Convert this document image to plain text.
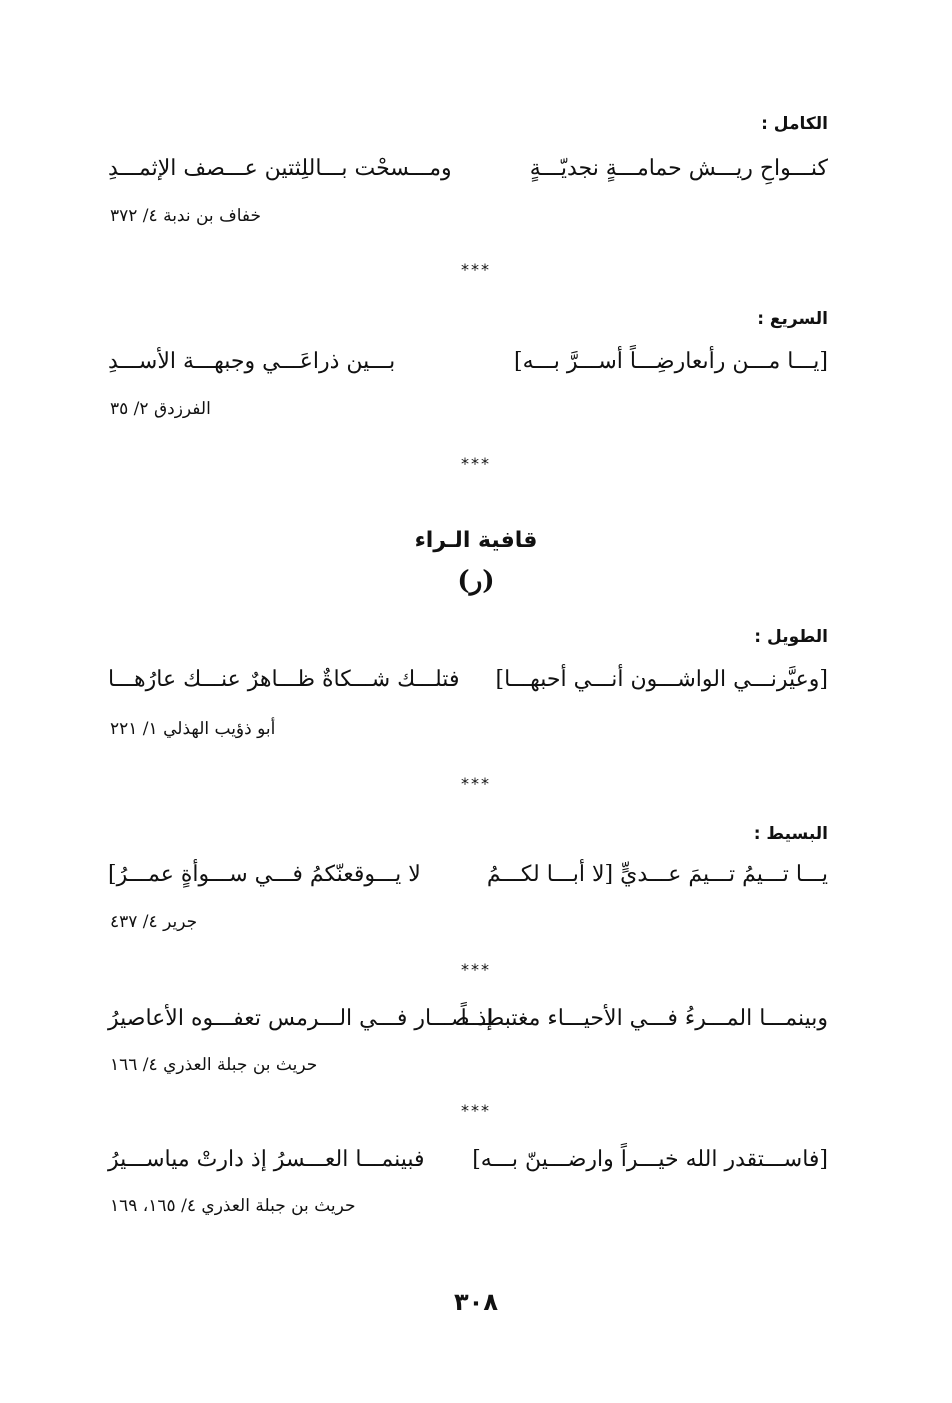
الكامل :
كنـــواحِ ريـــش حمامـــةٍ نجديّـــةٍ
ومـــسحْت بـــاللِثتين عـــصف الإثمـــدِ
خفاف بن ندبة ٤/ ٣٧٢
***
السريع :
[يـــا مـــن رأىعارضِـــاً أســـرَّ بـــه]
بـــين ذراعَـــي وجبهـــة الأســـدِ
الفرزدق ٢/ ٣٥
***
قافية الـراء
(ر)
الطويل :
[وعيَّرنـــي الواشـــون أنـــي أحبهـــا]
فتلـــك شـــكاةٌ ظـــاهرٌ عنـــك عارُهـــا
أبو ذؤيب الهذلي ١/ ٢٢١
***
البسيط :
يـــا تـــيمُ تـــيمَ عـــديٍّ [لا أبـــا لكـــمُ
لا يـــوقعنّكمُ فـــي ســـوأةٍ عمـــرُ]
جرير ٤/ ٤٣٧
***
وبينمـــا المـــرءُ فـــي الأحيـــاء مغتبطـــاً
إذ صـــار فـــي الـــرمس تعفـــوه الأعاصيرُ
حريث بن جبلة العذري ٤/ ١٦٦
***
[فاســـتقدر الله خيـــراً وارضـــينّ بـــه]
فبينمـــا العـــسرُ إذ دارتْ مياســـيرُ
حريث بن جبلة العذري ٤/ ١٦٥، ١٦٩
٣٠٨
